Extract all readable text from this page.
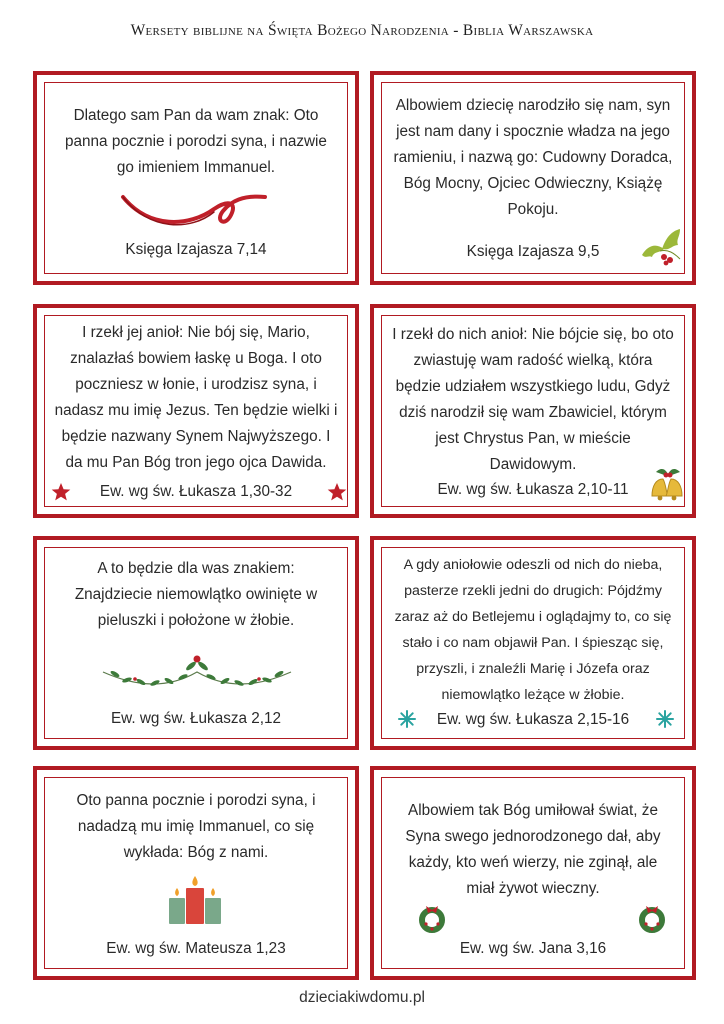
Wersety biblijne na Święta Bożego Narodzenia - Biblia Warszawska

Dlatego sam Pan da wam znak: Oto panna pocznie i porodzi syna, i nazwie go imieniem Immanuel.

Księga Izajasza 7,14

Albowiem dziecię narodziło się nam, syn jest nam dany i spocznie władza na jego ramieniu, i nazwą go: Cudowny Doradca, Bóg Mocny, Ojciec Odwieczny, Książę Pokoju.

Księga Izajasza 9,5

I rzekł jej anioł: Nie bój się, Mario, znalazłaś bowiem łaskę u Boga. I oto poczniesz w łonie, i urodzisz syna, i nadasz mu imię Jezus. Ten będzie wielki i będzie nazwany Synem Najwyższego. I da mu Pan Bóg tron jego ojca Dawida.

Ew. wg św. Łukasza 1,30-32

I rzekł do nich anioł: Nie bójcie się, bo oto zwiastuję wam radość wielką, która będzie udziałem wszystkiego ludu, Gdyż dziś narodził się wam Zbawiciel, którym jest Chrystus Pan, w mieście Dawidowym.

Ew. wg św. Łukasza 2,10-11

A to będzie dla was znakiem: Znajdziecie niemowlątko owinięte w pieluszki i położone w żłobie.

Ew. wg św. Łukasza 2,12

A gdy aniołowie odeszli od nich do nieba, pasterze rzekli jedni do drugich: Pójdźmy zaraz aż do Betlejemu i oglądajmy to, co się stało i co nam objawił Pan. I śpiesząc się, przyszli, i znaleźli Marię i Józefa oraz niemowlątko leżące w żłobie.

Ew. wg św. Łukasza 2,15-16

Oto panna pocznie i porodzi syna, i nadadzą mu imię Immanuel, co się wykłada: Bóg z nami.

Ew. wg św. Mateusza 1,23

Albowiem tak Bóg umiłował świat, że Syna swego jednorodzonego dał, aby każdy, kto weń wierzy, nie zginął, ale miał żywot wieczny.

Ew. wg św. Jana 3,16

dzieciakiwdomu.pl
